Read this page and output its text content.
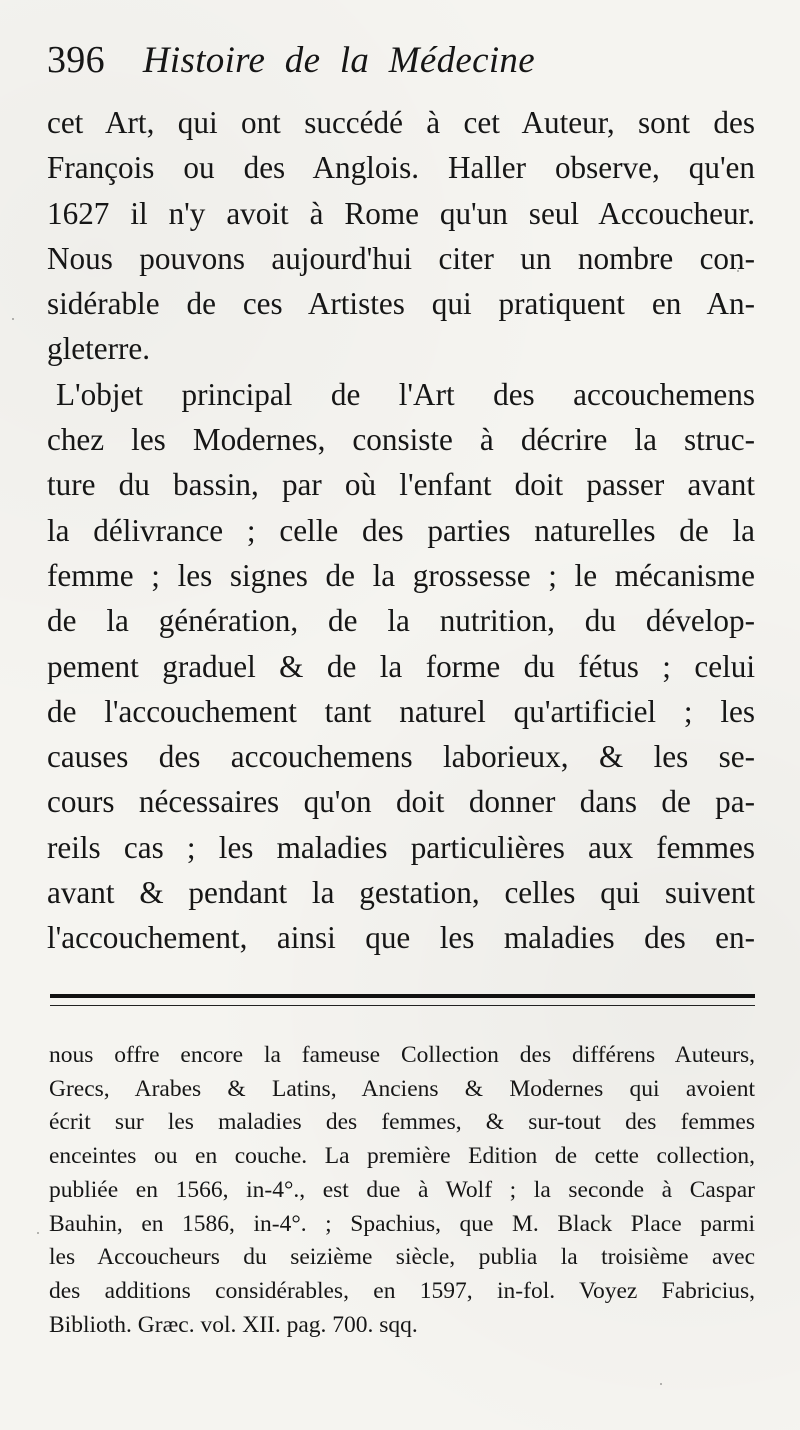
396 Histoire de la Médecine
cet Art, qui ont succédé à cet Auteur, sont des
François ou des Anglois. Haller observe, qu'en
1627 il n'y avoit à Rome qu'un seul Accoucheur.
Nous pouvons aujourd'hui citer un nombre con-
sidérable de ces Artistes qui pratiquent en An-
gleterre.
L'objet principal de l'Art des accouchemens
chez les Modernes, consiste à décrire la struc-
ture du bassin, par où l'enfant doit passer avant
la délivrance ; celle des parties naturelles de la
femme ; les signes de la grossesse ; le mécanisme
de la génération, de la nutrition, du dévelop-
pement graduel & de la forme du fétus ; celui
de l'accouchement tant naturel qu'artificiel ; les
causes des accouchemens laborieux, & les se-
cours nécessaires qu'on doit donner dans de pa-
reils cas ; les maladies particulières aux femmes
avant & pendant la gestation, celles qui suivent
l'accouchement, ainsi que les maladies des en-
nous offre encore la fameuse Collection des différens Auteurs,
Grecs, Arabes & Latins, Anciens & Modernes qui avoient
écrit sur les maladies des femmes, & sur-tout des femmes
enceintes ou en couche. La première Edition de cette collection,
publiée en 1566, in-4°., est due à Wolf ; la seconde à Caspar
Bauhin, en 1586, in-4°. ; Spachius, que M. Black Place parmi
les Accoucheurs du seizième siècle, publia la troisième avec
des additions considérables, en 1597, in-fol. Voyez Fabricius,
Biblioth. Græc. vol. XII. pag. 700. sqq.
